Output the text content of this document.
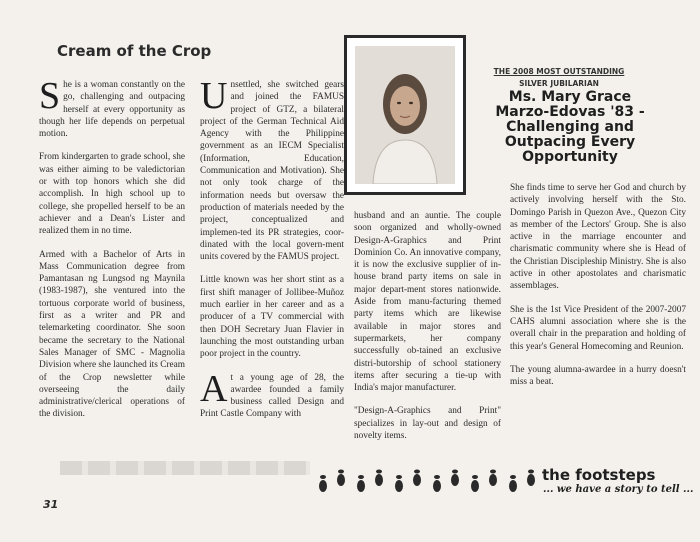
Cream of the Crop

She is a woman constantly on the go, challenging and outpacing herself at every opportunity as though her life depends on perpetual motion.

From kindergarten to grade school, she was either aiming to be valedictorian or with top honors which she did accomplish. In high school up to college, she propelled herself to be an achiever and a Dean's Lister and realized them in no time.

Armed with a Bachelor of Arts in Mass Communication degree from Pamantasan ng Lungsod ng Maynila (1983-1987), she ventured into the tortuous corporate world of business, first as a writer and PR and telemarketing coordinator. She soon became the secretary to the National Sales Manager of SMC - Magnolia Division where she launched its Cream of the Crop newsletter while overseeing the daily administrative/clerical operations of the division.

Unsettled, she switched gears and joined the FAMUS project of GTZ, a bilateral project of the German Technical Aid Agency with the Philippine government as an IECM Specialist (Information, Education, Communication and Motivation). She not only took charge of the information needs but oversaw the production of materials needed by the project, conceptualized and implemen-ted its PR strategies, coor-dinated with the local govern-ment units covered by the FAMUS project.

Little known was her short stint as a first shift manager of Jollibee-Muñoz much earlier in her career and as a producer of a TV commercial with then DOH Secretary Juan Flavier in launching the most outstanding urban poor project in the country.

At a young age of 28, the awardee founded a family business called Design and Print Castle Company with

THE 2008 MOST OUTSTANDING
SILVER JUBILARIAN
Ms. Mary Grace
Marzo-Edovas '83 -
Challenging and
Outpacing Every
Opportunity

husband and an auntie. The couple soon organized and wholly-owned Design-A-Graphics and Print Dominion Co. An innovative company, it is now the exclusive supplier of in-house brand party items on sale in major depart-ment stores nationwide. Aside from manu-facturing themed party items which are likewise available in major stores and supermarkets, her company successfully ob-tained an exclusive distri-butorship of school stationery items after securing a tie-up with India's major manufacturer.

"Design-A-Graphics and Print" specializes in lay-out and design of novelty items.

She finds time to serve her God and church by actively involving herself with the Sto. Domingo Parish in Quezon Ave., Quezon City as member of the Lectors' Group. She is also active in the marriage encounter and charismatic community where she is Head of the Christian Discipleship Ministry. She is also active in other apostolates and charismatic assemblages.

She is the 1st Vice President of the 2007-2007 CAHS alumni association where she is the overall chair in the preparation and holding of this year's General Homecoming and Reunion.

The young alumna-awardee in a hurry doesn't miss a beat.

the footsteps
... we have a story to tell ...
31
